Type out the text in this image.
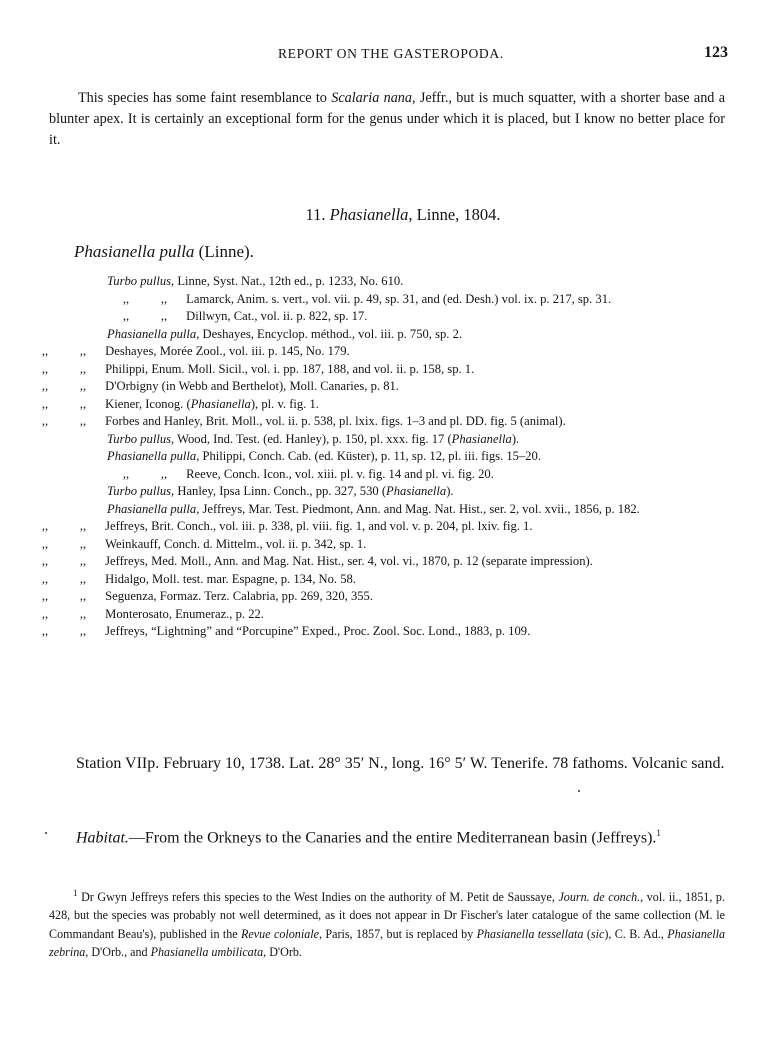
REPORT ON THE GASTEROPODA.	123

This species has some faint resemblance to Scalaria nana, Jeffr., but is much squatter, with a shorter base and a blunter apex. It is certainly an exceptional form for the genus under which it is placed, but I know no better place for it.

11. Phasianella, Linne, 1804.
Phasianella pulla (Linne).
Turbo pullus, Linne, Syst. Nat., 12th ed., p. 1233, No. 610.
,,	,, Lamarck, Anim. s. vert., vol. vii. p. 49, sp. 31, and (ed. Desh.) vol. ix. p. 217, sp. 31.
,,	,, Dillwyn, Cat., vol. ii. p. 822, sp. 17.
Phasianella pulla, Deshayes, Encyclop. méthod., vol. iii. p. 750, sp. 2.
,,	,, Deshayes, Morée Zool., vol. iii. p. 145, No. 179.
,,	,, Philippi, Enum. Moll. Sicil., vol. i. pp. 187, 188, and vol. ii. p. 158, sp. 1.
,,	,, D'Orbigny (in Webb and Berthelot), Moll. Canaries, p. 81.
,,	,, Kiener, Iconog. (Phasianella), pl. v. fig. 1.
,,	,, Forbes and Hanley, Brit. Moll., vol. ii. p. 538, pl. lxix. figs. 1–3 and pl. DD. fig. 5 (animal).
Turbo pullus, Wood, Ind. Test. (ed. Hanley), p. 150, pl. xxx. fig. 17 (Phasianella).
Phasianella pulla, Philippi, Conch. Cab. (ed. Küster), p. 11, sp. 12, pl. iii. figs. 15–20.
,,	,, Reeve, Conch. Icon., vol. xiii. pl. v. fig. 14 and pl. vi. fig. 20.
Turbo pullus, Hanley, Ipsa Linn. Conch., pp. 327, 530 (Phasianella).
Phasianella pulla, Jeffreys, Mar. Test. Piedmont, Ann. and Mag. Nat. Hist., ser. 2, vol. xvii., 1856, p. 182.
,,	,, Jeffreys, Brit. Conch., vol. iii. p. 338, pl. viii. fig. 1, and vol. v. p. 204, pl. lxiv. fig. 1.
,,	,, Weinkauff, Conch. d. Mittelm., vol. ii. p. 342, sp. 1.
,,	,, Jeffreys, Med. Moll., Ann. and Mag. Nat. Hist., ser. 4, vol. vi., 1870, p. 12 (separate impression).
,,	,, Hidalgo, Moll. test. mar. Espagne, p. 134, No. 58.
,,	,, Seguenza, Formaz. Terz. Calabria, pp. 269, 320, 355.
,,	,, Monterosato, Enumeraz., p. 22.
,,	,, Jeffreys, “Lightning” and “Porcupine” Exped., Proc. Zool. Soc. Lond., 1883, p. 109.

Station VIIp. February 10, 1738. Lat. 28° 35′ N., long. 16° 5′ W. Tenerife. 78 fathoms. Volcanic sand.

Habitat.—From the Orkneys to the Canaries and the entire Mediterranean basin (Jeffreys).$^1$

$^1$ Dr Gwyn Jeffreys refers this species to the West Indies on the authority of M. Petit de Saussaye, Journ. de conch., vol. ii., 1851, p. 428, but the species was probably not well determined, as it does not appear in Dr Fischer's later catalogue of the same collection (M. le Commandant Beau's), published in the Revue coloniale, Paris, 1857, but is replaced by Phasianella tessellata (sic), C. B. Ad., Phasianella zebrina, D'Orb., and Phasianella umbilicata, D'Orb.
